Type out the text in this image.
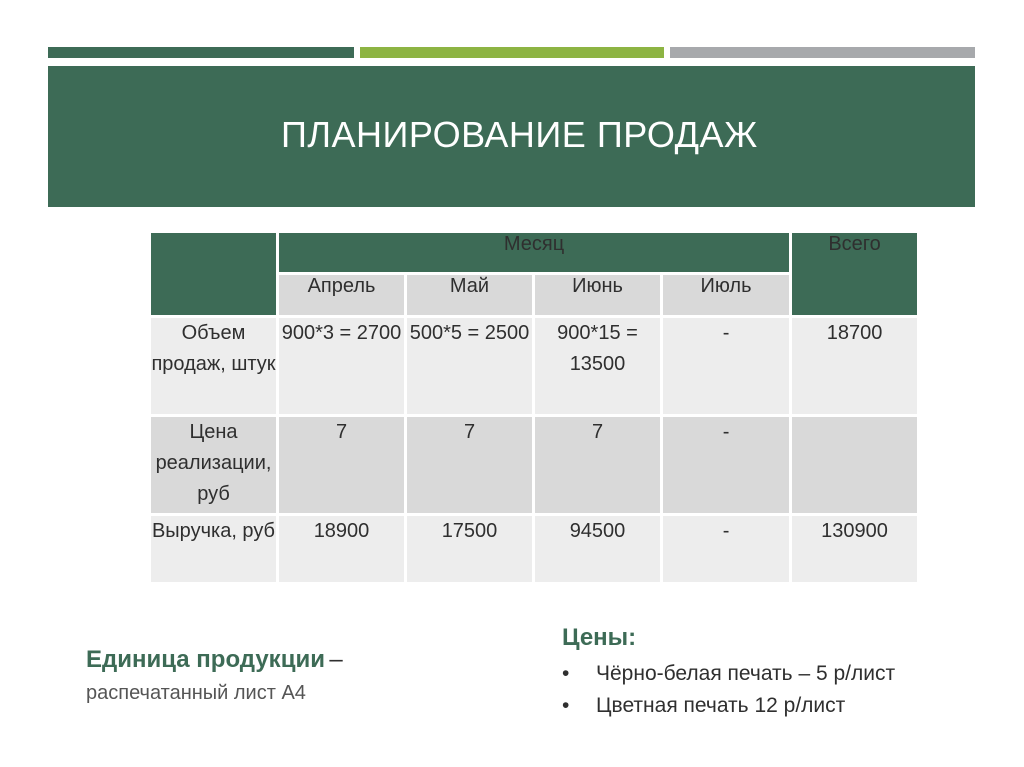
ПЛАНИРОВАНИЕ ПРОДАЖ
	Месяц				Всего
	Апрель	Май	Июнь	Июль	
Объем продаж, штук	900*3 = 2700	500*5 = 2500	900*15 = 13500	-	18700
Цена реализации, руб	7	7	7	-	
Выручка, руб	18900	17500	94500	-	130900
Единица продукции –
распечатанный лист А4
Цены:
• Чёрно-белая печать – 5 р/лист
• Цветная печать 12 р/лист
